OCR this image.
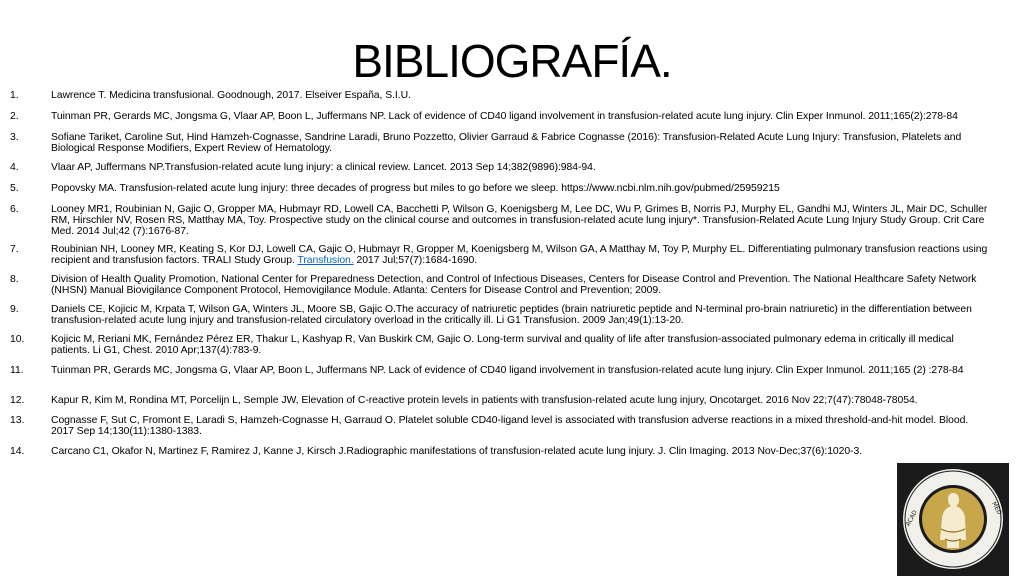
BIBLIOGRAFÍA.
1.	Lawrence T. Medicina transfusional. Goodnough, 2017. Elseiver España, S.I.U.
2.	Tuinman PR, Gerards MC, Jongsma G, Vlaar AP, Boon L, Juffermans NP. Lack of evidence of CD40 ligand involvement in transfusion-related acute lung injury. Clin Exper Inmunol. 2011;165(2):278-84
3.	Sofiane Tariket, Caroline Sut, Hind Hamzeh-Cognasse, Sandrine Laradi, Bruno Pozzetto, Olivier Garraud & Fabrice Cognasse (2016): Transfusion-Related Acute Lung Injury: Transfusion, Platelets and Biological Response Modifiers, Expert Review of Hematology.
4.	Vlaar AP, Juffermans NP.Transfusion-related acute lung injury: a clinical review. Lancet. 2013 Sep 14;382(9896):984-94.
5.	Popovsky MA. Transfusion-related acute lung injury: three decades of progress but miles to go before we sleep. https://www.ncbi.nlm.nih.gov/pubmed/25959215
6.	Looney MR1, Roubinian N, Gajic O, Gropper MA, Hubmayr RD, Lowell CA, Bacchetti P, Wilson G, Koenigsberg M, Lee DC, Wu P, Grimes B, Norris PJ, Murphy EL, Gandhi MJ, Winters JL, Mair DC, Schuller RM, Hirschler NV, Rosen RS, Matthay MA, Toy. Prospective study on the clinical course and outcomes in transfusion-related acute lung injury*. Transfusion-Related Acute Lung Injury Study Group. Crit Care Med. 2014 Jul;42 (7):1676-87.
7.	Roubinian NH, Looney MR, Keating S, Kor DJ, Lowell CA, Gajic O, Hubmayr R, Gropper M, Koenigsberg M, Wilson GA, A Matthay M, Toy P, Murphy EL. Differentiating pulmonary transfusion reactions using recipient and transfusion factors. TRALI Study Group. Transfusion. 2017 Jul;57(7):1684-1690.
8.	Division of Health Quality Promotion, National Center for Preparedness Detection, and Control of Infectious Diseases, Centers for Disease Control and Prevention. The National Healthcare Safety Network (NHSN) Manual Biovigilance Component Protocol, Hemovigilance Module. Atlanta: Centers for Disease Control and Prevention; 2009.
9.	Daniels CE, Kojicic M, Krpata T, Wilson GA, Winters JL, Moore SB, Gajic O.The accuracy of natriuretic peptides (brain natriuretic peptide and N-terminal pro-brain natriuretic) in the differentiation between transfusion-related acute lung injury and transfusion-related circulatory overload in the critically ill. Li G1 Transfusion. 2009 Jan;49(1):13-20.
10.	Kojicic M, Reriani MK, Fernández Pérez ER, Thakur L, Kashyap R, Van Buskirk CM, Gajic O. Long-term survival and quality of life after transfusion-associated pulmonary edema in critically ill medical patients. Li G1, Chest. 2010 Apr;137(4):783-9.
11.	Tuinman PR, Gerards MC, Jongsma G, Vlaar AP, Boon L, Juffermans NP. Lack of evidence of CD40 ligand involvement in transfusion-related acute lung injury. Clin Exper Inmunol. 2011;165 (2) :278-84
12.	Kapur R, Kim M, Rondina MT, Porcelijn L, Semple JW, Elevation of C-reactive protein levels in patients with transfusion-related acute lung injury, Oncotarget. 2016 Nov 22;7(47):78048-78054.
13.	Cognasse F, Sut C, Fromont E, Laradi S, Hamzeh-Cognasse H, Garraud O. Platelet soluble CD40-ligand level is associated with transfusion adverse reactions in a mixed threshold-and-hit model. Blood. 2017 Sep 14;130(11):1380-1383.
14.	Carcano C1, Okafor N, Martinez F, Ramirez J, Kanne J, Kirsch J.Radiographic manifestations of transfusion-related acute lung injury. J. Clin Imaging. 2013 Nov-Dec;37(6):1020-3.
ACAD
MED
